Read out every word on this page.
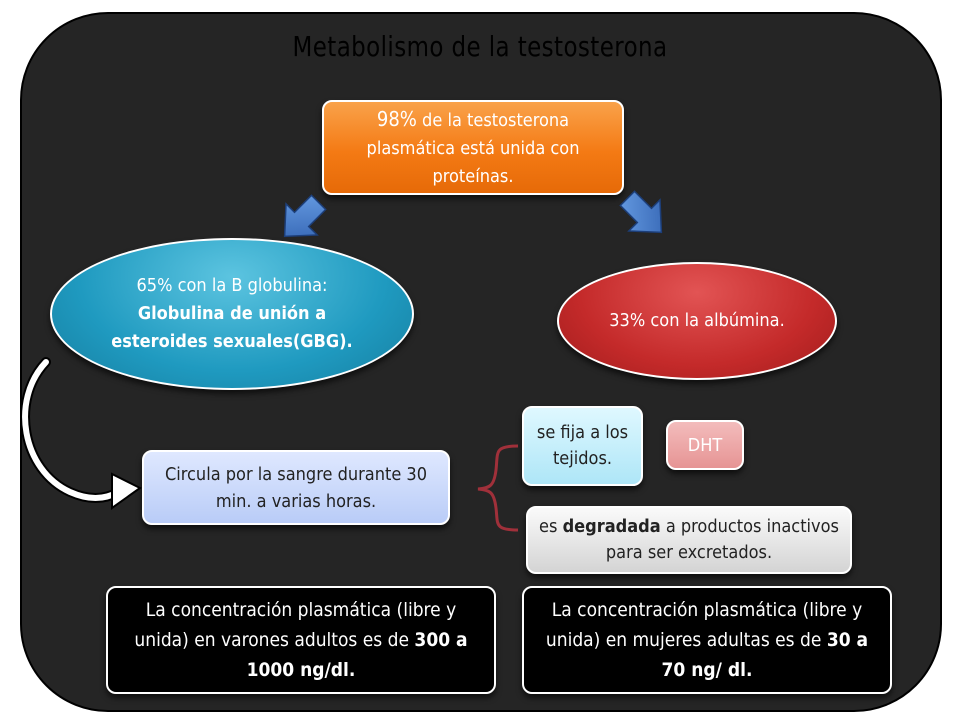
Metabolismo de la testosterona
98% de la testosterona plasmática está unida con proteínas.
65% con la B globulina:
Globulina de unión a esteroides sexuales(GBG).
33% con la albúmina.
Circula por la sangre durante 30 min. a varias horas.
se fija a los tejidos.
DHT
es degradada a productos inactivos para ser excretados.
La concentración plasmática (libre y unida) en varones adultos es de 300 a 1000 ng/dl.
La concentración plasmática (libre y unida) en mujeres adultas es de 30 a 70 ng/ dl.
